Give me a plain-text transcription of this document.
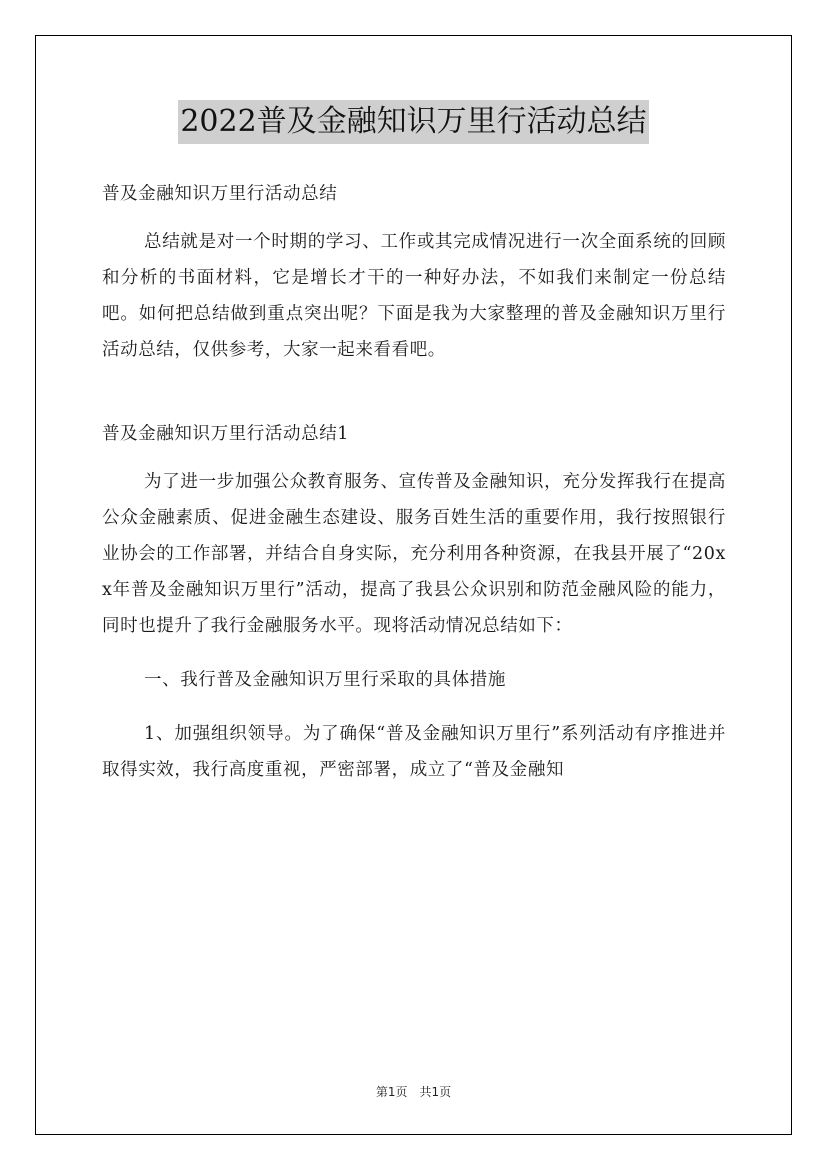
2022普及金融知识万里行活动总结

普及金融知识万里行活动总结

总结就是对一个时期的学习、工作或其完成情况进行一次全面系统的回顾和分析的书面材料，它是增长才干的一种好办法，不如我们来制定一份总结吧。如何把总结做到重点突出呢？下面是我为大家整理的普及金融知识万里行活动总结，仅供参考，大家一起来看看吧。

普及金融知识万里行活动总结1

为了进一步加强公众教育服务、宣传普及金融知识，充分发挥我行在提高公众金融素质、促进金融生态建设、服务百姓生活的重要作用，我行按照银行业协会的工作部署，并结合自身实际，充分利用各种资源，在我县开展了“20xx年普及金融知识万里行”活动，提高了我县公众识别和防范金融风险的能力，同时也提升了我行金融服务水平。现将活动情况总结如下：

一、我行普及金融知识万里行采取的具体措施

1、加强组织领导。为了确保“普及金融知识万里行”系列活动有序推进并取得实效，我行高度重视，严密部署，成立了“普及金融知

第1页 共1页
